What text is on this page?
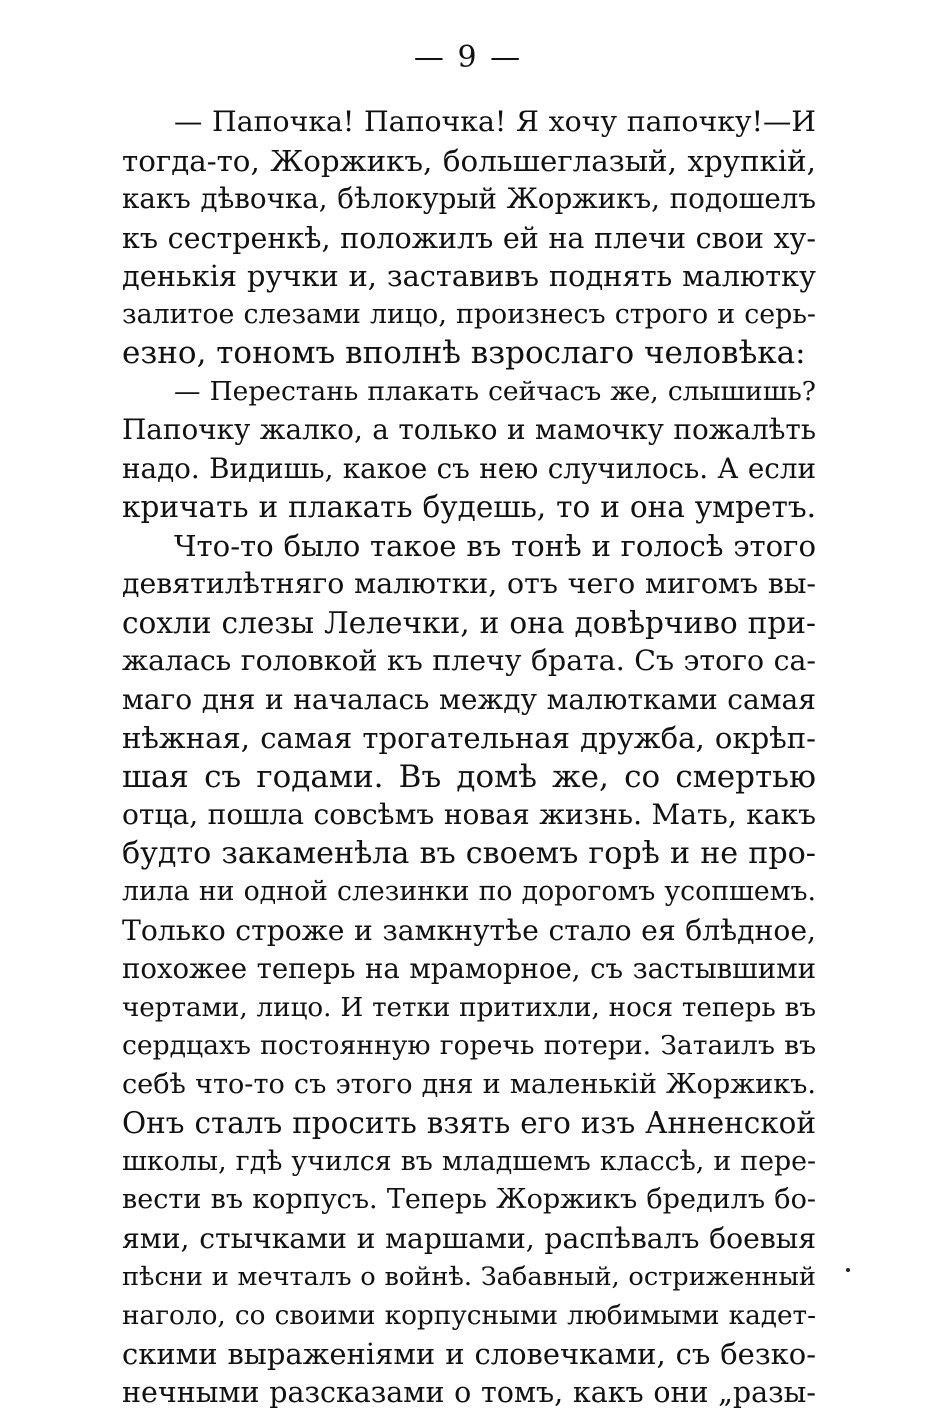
— 9 —
— Папочка! Папочка! Я хочу папочку!—И
тогда-то, Жоржикъ, большеглазый, хрупкій,
какъ дѣвочка, бѣлокурый Жоржикъ, подошелъ
къ сестренкѣ, положилъ ей на плечи свои ху-
денькія ручки и, заставивъ поднять малютку
залитое слезами лицо, произнесъ строго и серь-
езно, тономъ вполнѣ взрослаго человѣка:
— Перестань плакать сейчасъ же, слышишь?
Папочку жалко, а только и мамочку пожалѣть
надо. Видишь, какое съ нею случилось. А если
кричать и плакать будешь, то и она умретъ.
Что-то было такое въ тонѣ и голосѣ этого
девятилѣтняго малютки, отъ чего мигомъ вы-
сохли слезы Лелечки, и она довѣрчиво при-
жалась головкой къ плечу брата. Съ этого са-
маго дня и началась между малютками самая
нѣжная, самая трогательная дружба, окрѣп-
шая съ годами. Въ домѣ же, со смертью
отца, пошла совсѣмъ новая жизнь. Мать, какъ
будто закаменѣла въ своемъ горѣ и не про-
лила ни одной слезинки по дорогомъ усопшемъ.
Только строже и замкнутѣе стало ея блѣдное,
похожее теперь на мраморное, съ застывшими
чертами, лицо. И тетки притихли, нося теперь въ
сердцахъ постоянную горечь потери. Затаилъ въ
себѣ что-то съ этого дня и маленькій Жоржикъ.
Онъ сталъ просить взять его изъ Анненской
школы, гдѣ учился въ младшемъ классѣ, и пере-
вести въ корпусъ. Теперь Жоржикъ бредилъ бо-
ями, стычками и маршами, распѣвалъ боевыя
пѣсни и мечталъ о войнѣ. Забавный, остриженный
наголо, со своими корпусными любимыми кадет-
скими выраженіями и словечками, съ безко-
нечными разсказами о томъ, какъ они „разы-
